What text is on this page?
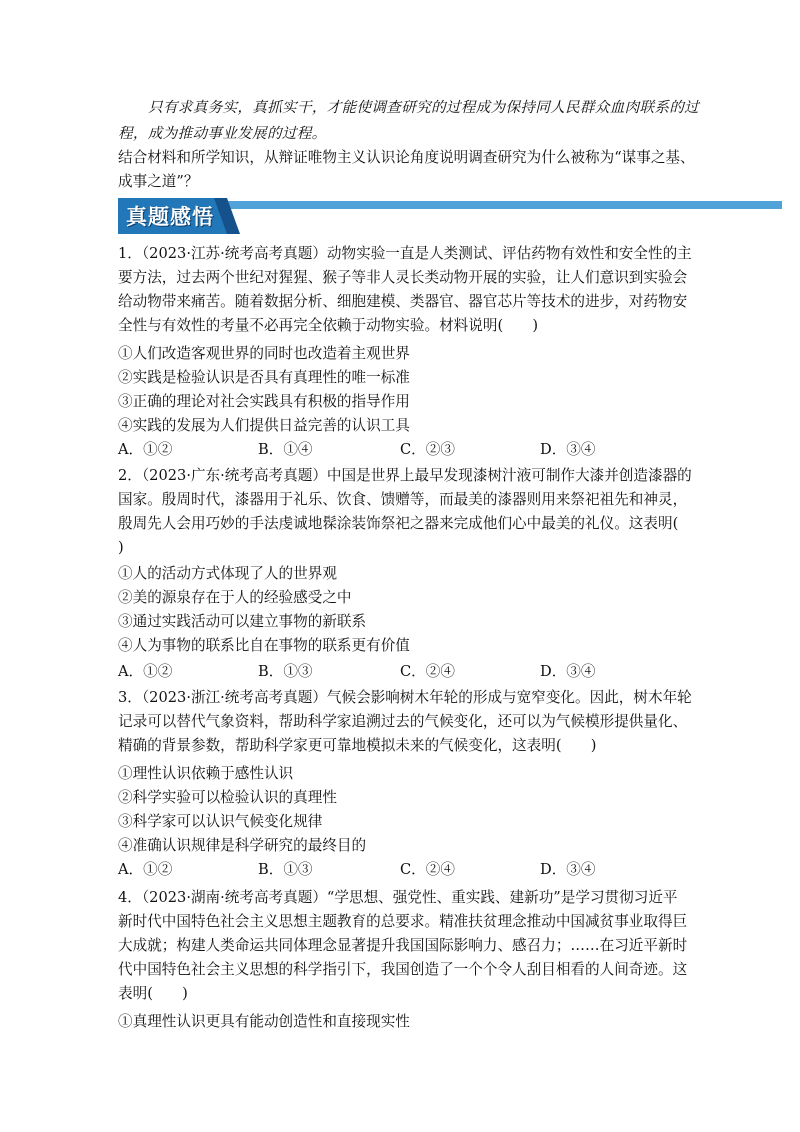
只有求真务实，真抓实干，才能使调查研究的过程成为保持同人民群众血肉联系的过
程，成为推动事业发展的过程。
结合材料和所学知识，从辩证唯物主义认识论角度说明调查研究为什么被称为“谋事之基、
成事之道”？
真题感悟
1．（2023·江苏·统考高考真题）动物实验一直是人类测试、评估药物有效性和安全性的主
要方法，过去两个世纪对猩猩、猴子等非人灵长类动物开展的实验，让人们意识到实验会
给动物带来痛苦。随着数据分析、细胞建模、类器官、器官芯片等技术的进步，对药物安
全性与有效性的考量不必再完全依赖于动物实验。材料说明(　　)
①人们改造客观世界的同时也改造着主观世界
②实践是检验认识是否具有真理性的唯一标准
③正确的理论对社会实践具有积极的指导作用
④实践的发展为人们提供日益完善的认识工具
A．①②	B．①④	C．②③	D．③④
2．（2023·广东·统考高考真题）中国是世界上最早发现漆树汁液可制作大漆并创造漆器的
国家。殷周时代，漆器用于礼乐、饮食、馈赠等，而最美的漆器则用来祭祀祖先和神灵，
殷周先人会用巧妙的手法虔诚地髹涂装饰祭祀之器来完成他们心中最美的礼仪。这表明(
)
①人的活动方式体现了人的世界观
②美的源泉存在于人的经验感受之中
③通过实践活动可以建立事物的新联系
④人为事物的联系比自在事物的联系更有价值
A．①②	B．①③	C．②④	D．③④
3．（2023·浙江·统考高考真题）气候会影响树木年轮的形成与宽窄变化。因此，树木年轮
记录可以替代气象资料，帮助科学家追溯过去的气候变化，还可以为气候模形提供量化、
精确的背景参数，帮助科学家更可靠地模拟未来的气候变化，这表明(　　)
①理性认识依赖于感性认识
②科学实验可以检验认识的真理性
③科学家可以认识气候变化规律
④准确认识规律是科学研究的最终目的
A．①②	B．①③	C．②④	D．③④
4．（2023·湖南·统考高考真题）“学思想、强党性、重实践、建新功”是学习贯彻习近平
新时代中国特色社会主义思想主题教育的总要求。精准扶贫理念推动中国减贫事业取得巨
大成就；构建人类命运共同体理念显著提升我国国际影响力、感召力；……在习近平新时
代中国特色社会主义思想的科学指引下，我国创造了一个个令人刮目相看的人间奇迹。这
表明(　　)
①真理性认识更具有能动创造性和直接现实性
